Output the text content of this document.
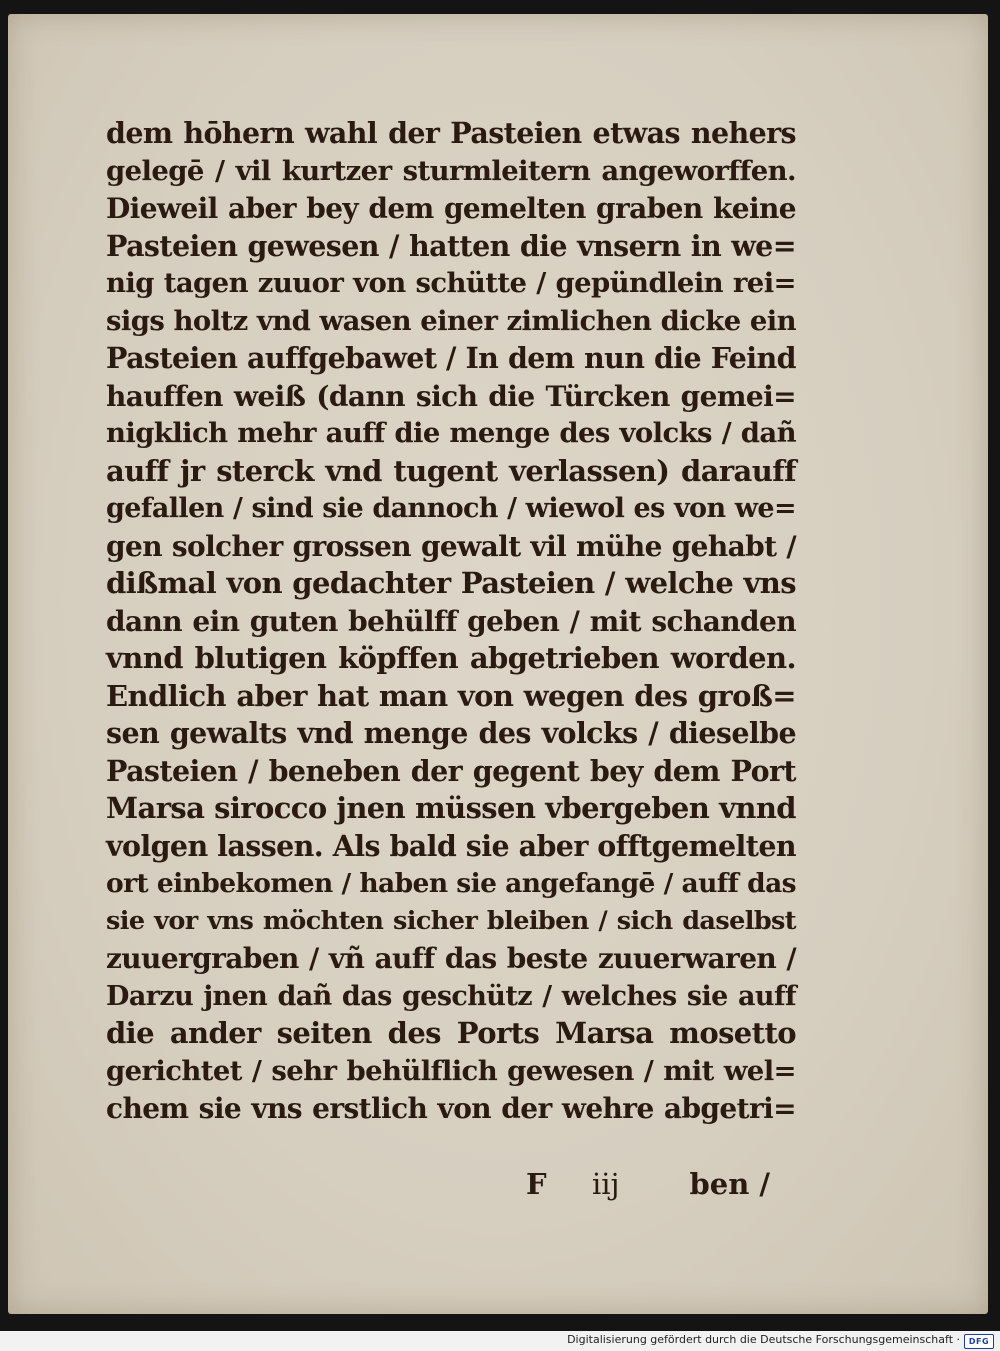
dem hōhern wahl der Pasteien etwas nehers
gelegē / vil kurtzer sturmleitern angeworffen.
Dieweil aber bey dem gemelten graben keine
Pasteien gewesen / hatten die vnsern in we=
nig tagen zuuor von schütte / gepündlein rei=
sigs holtz vnd wasen einer zimlichen dicke ein
Pasteien auffgebawet / In dem nun die Feind
hauffen weiß (dann sich die Türcken gemei=
nigklich mehr auff die menge des volcks / dañ
auff jr sterck vnd tugent verlassen) darauff
gefallen / sind sie dannoch / wiewol es von we=
gen solcher grossen gewalt vil mühe gehabt /
dißmal von gedachter Pasteien / welche vns
dann ein guten behülff geben / mit schanden
vnnd blutigen köpffen abgetrieben worden.
Endlich aber hat man von wegen des groß=
sen gewalts vnd menge des volcks / dieselbe
Pasteien / beneben der gegent bey dem Port
Marsa sirocco jnen müssen vbergeben vnnd
volgen lassen. Als bald sie aber offtgemelten
ort einbekomen / haben sie angefangē / auff das
sie vor vns möchten sicher bleiben / sich daselbst
zuuergraben / vñ auff das beste zuuerwaren /
Darzu jnen dañ das geschütz / welches sie auff
die ander seiten des Ports Marsa mosetto
gerichtet / sehr behülflich gewesen / mit wel=
chem sie vns erstlich von der wehre abgetri=
F iij ben /
Digitalisierung gefördert durch die Deutsche Forschungsgemeinschaft ·	DFG
